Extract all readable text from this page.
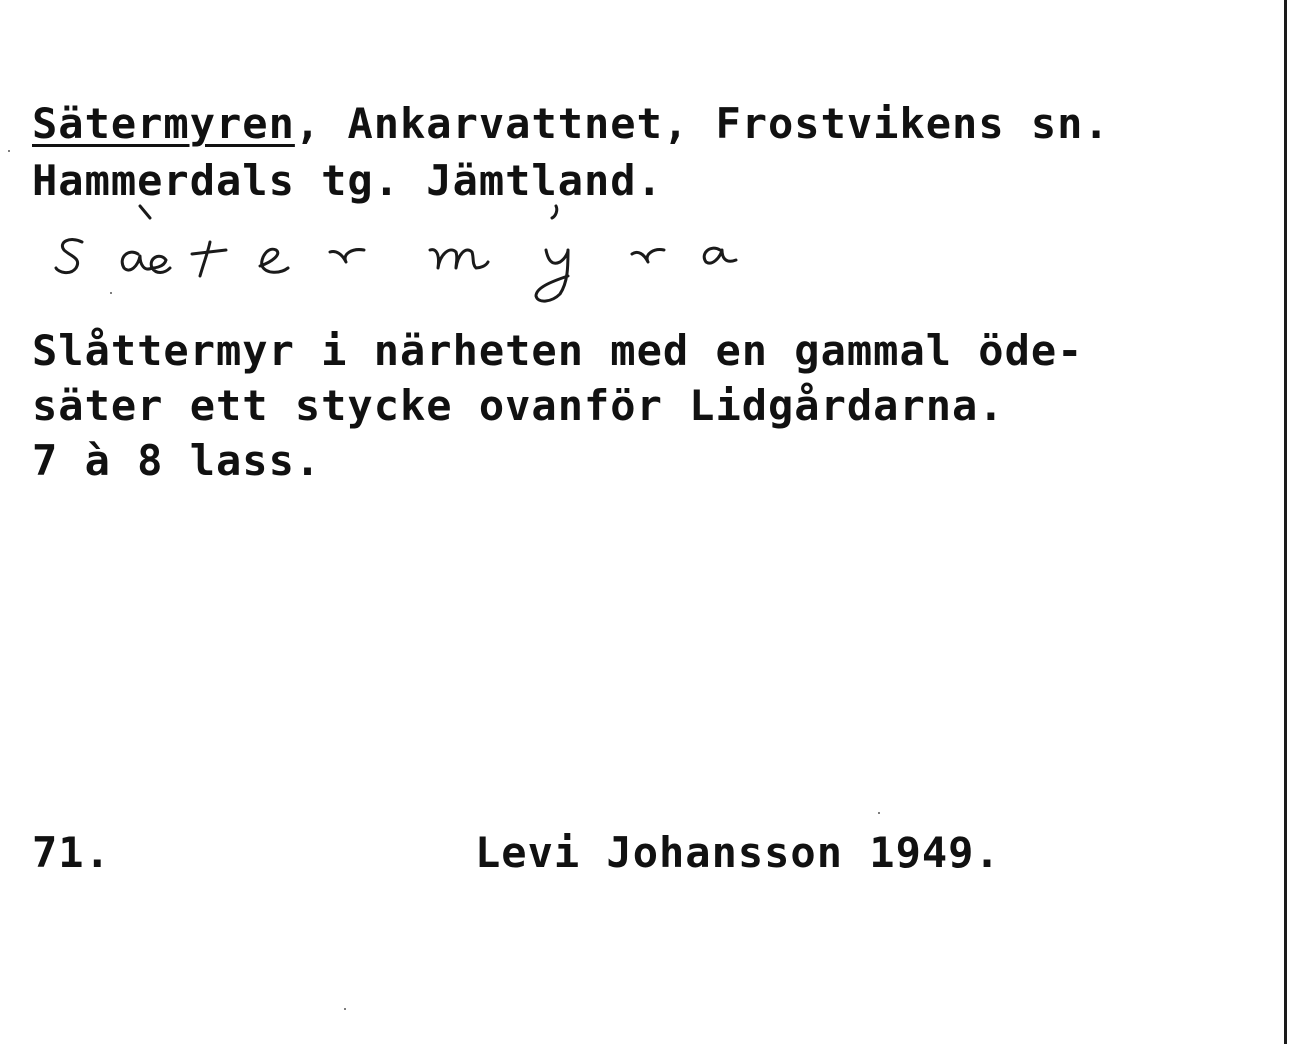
Sätermyren, Ankarvattnet, Frostvikens sn.
Hammerdals tg. Jämtland.
Slåttermyr i närheten med en gammal öde-
säter ett stycke ovanför Lidgårdarna.
7 à 8 lass.
71.	Levi Johansson 1949.
